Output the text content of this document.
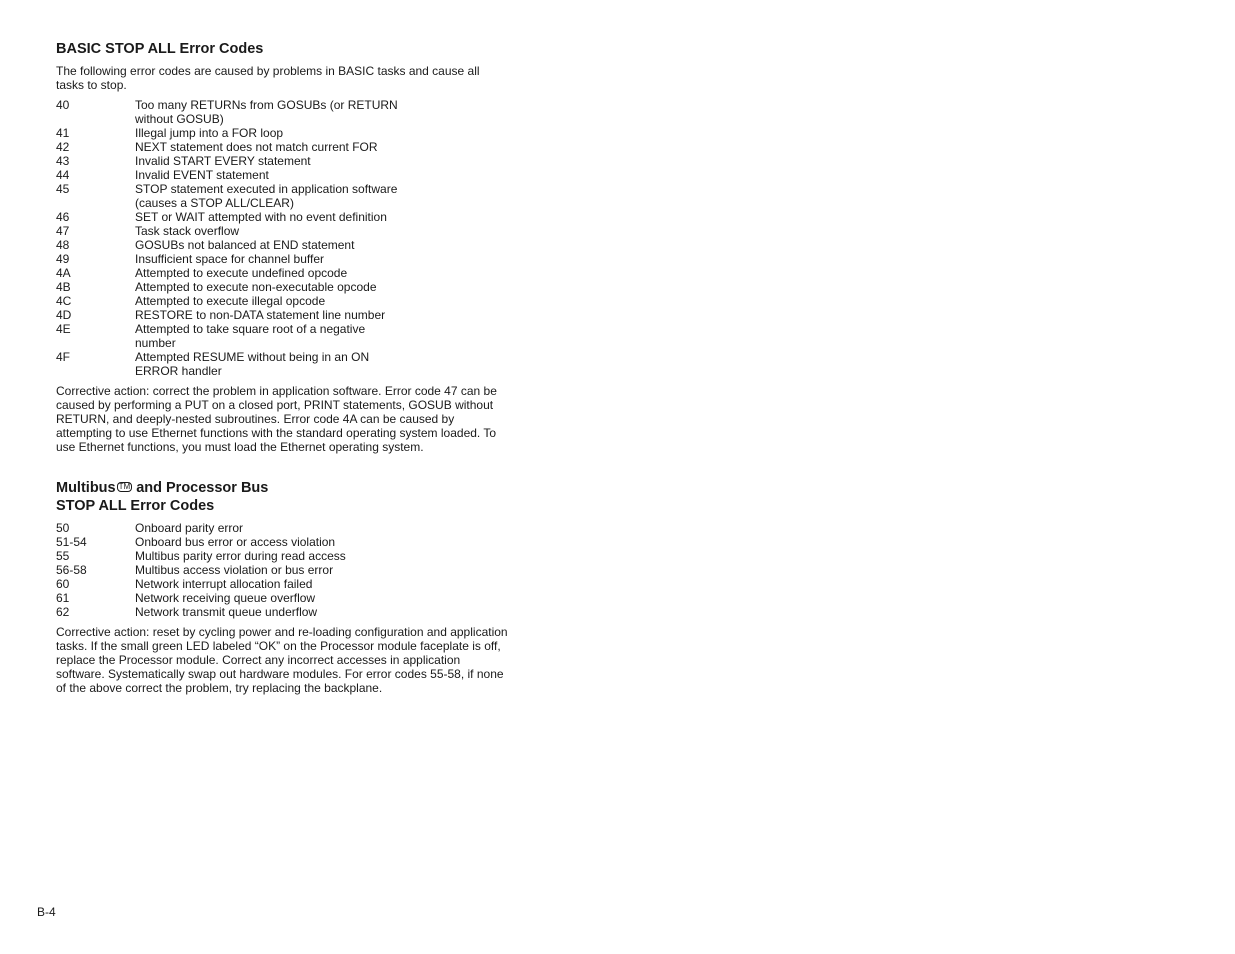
BASIC STOP ALL Error Codes

The following error codes are caused by problems in BASIC tasks and cause all tasks to stop.

40	Too many RETURNs from GOSUBs (or RETURN without GOSUB)
41	Illegal jump into a FOR loop
42	NEXT statement does not match current FOR
43	Invalid START EVERY statement
44	Invalid EVENT statement
45	STOP statement executed in application software (causes a STOP ALL/CLEAR)
46	SET or WAIT attempted with no event definition
47	Task stack overflow
48	GOSUBs not balanced at END statement
49	Insufficient space for channel buffer
4A	Attempted to execute undefined opcode
4B	Attempted to execute non-executable opcode
4C	Attempted to execute illegal opcode
4D	RESTORE to non-DATA statement line number
4E	Attempted to take square root of a negative number
4F	Attempted RESUME without being in an ON ERROR handler

Corrective action: correct the problem in application software. Error code 47 can be caused by performing a PUT on a closed port, PRINT statements, GOSUB without RETURN, and deeply-nested subroutines. Error code 4A can be caused by attempting to use Ethernet functions with the standard operating system loaded. To use Ethernet functions, you must load the Ethernet operating system.

Multibus TM and Processor Bus
STOP ALL Error Codes
50	Onboard parity error
51-54	Onboard bus error or access violation
55	Multibus parity error during read access
56-58	Multibus access violation or bus error
60	Network interrupt allocation failed
61	Network receiving queue overflow
62	Network transmit queue underflow

Corrective action: reset by cycling power and re-loading configuration and application tasks. If the small green LED labeled “OK” on the Processor module faceplate is off, replace the Processor module. Correct any incorrect accesses in application software. Systematically swap out hardware modules. For error codes 55-58, if none of the above correct the problem, try replacing the backplane.

B-4
